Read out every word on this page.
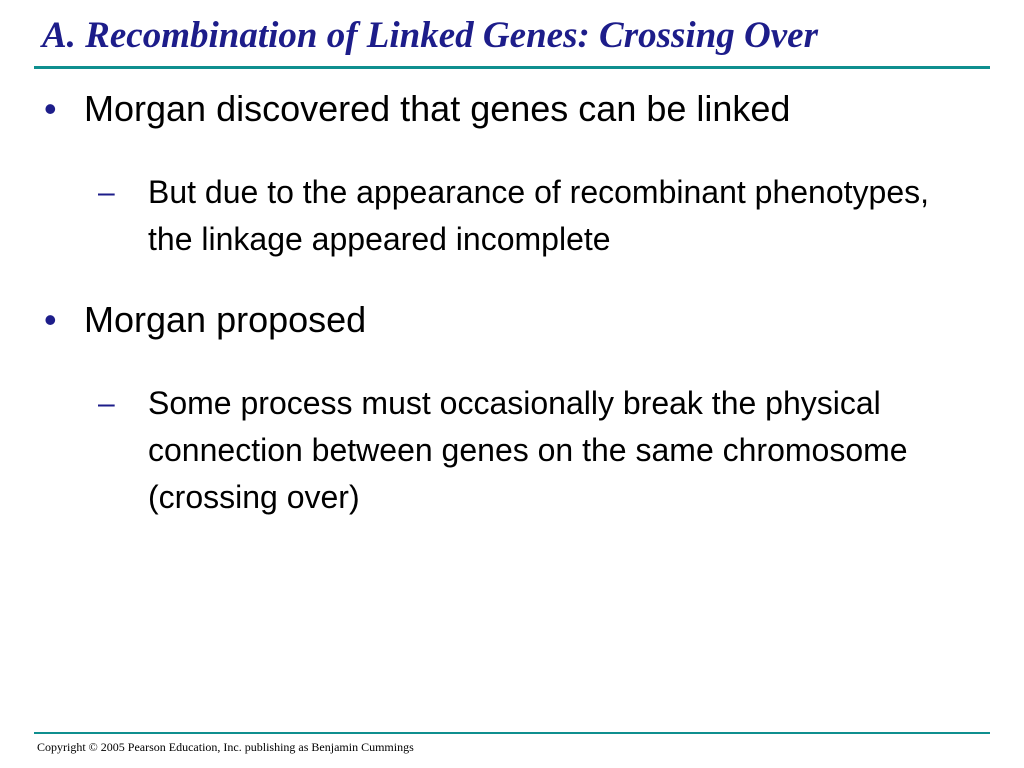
A. Recombination of Linked Genes: Crossing Over
• Morgan discovered that genes can be linked
– But due to the appearance of recombinant phenotypes, the linkage appeared incomplete
• Morgan proposed
– Some process must occasionally break the physical connection between genes on the same chromosome (crossing over)
Copyright © 2005 Pearson Education, Inc. publishing as Benjamin Cummings
